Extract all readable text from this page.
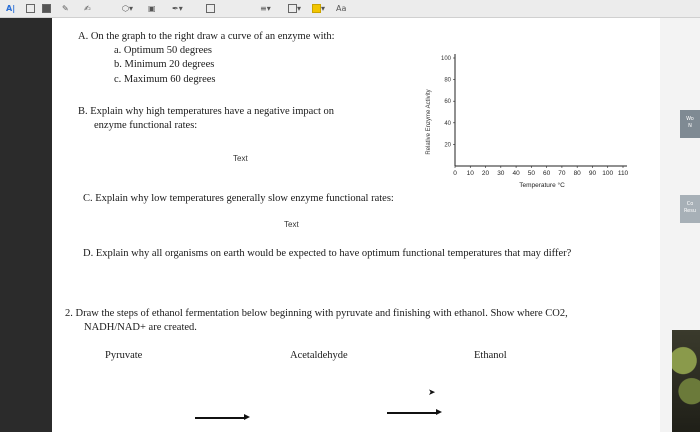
A|	✎ ✍	⬡▾ ▣ ✒▾	≡▾	▾	▾ Aa
Wo
N
Co
Resu
A. On the graph to the right draw a curve of an enzyme with:
a. Optimum 50 degrees
b. Minimum 20 degrees
c. Maximum 60 degrees
B. Explain why high temperatures have a negative impact on
enzyme functional rates:
Text
0 10 20 30 40 50 60 70 80 90 100 110
20
40
60
80
100
Relative Enzyme Activity
Temperature °C
C. Explain why low temperatures generally slow enzyme functional rates:
Text
D. Explain why all organisms on earth would be expected to have optimum functional temperatures that may differ?
2. Draw the steps of ethanol fermentation below beginning with pyruvate and finishing with ethanol. Show where CO2,
NADH/NAD+ are created.
Pyruvate	Acetaldehyde	Ethanol
➤
